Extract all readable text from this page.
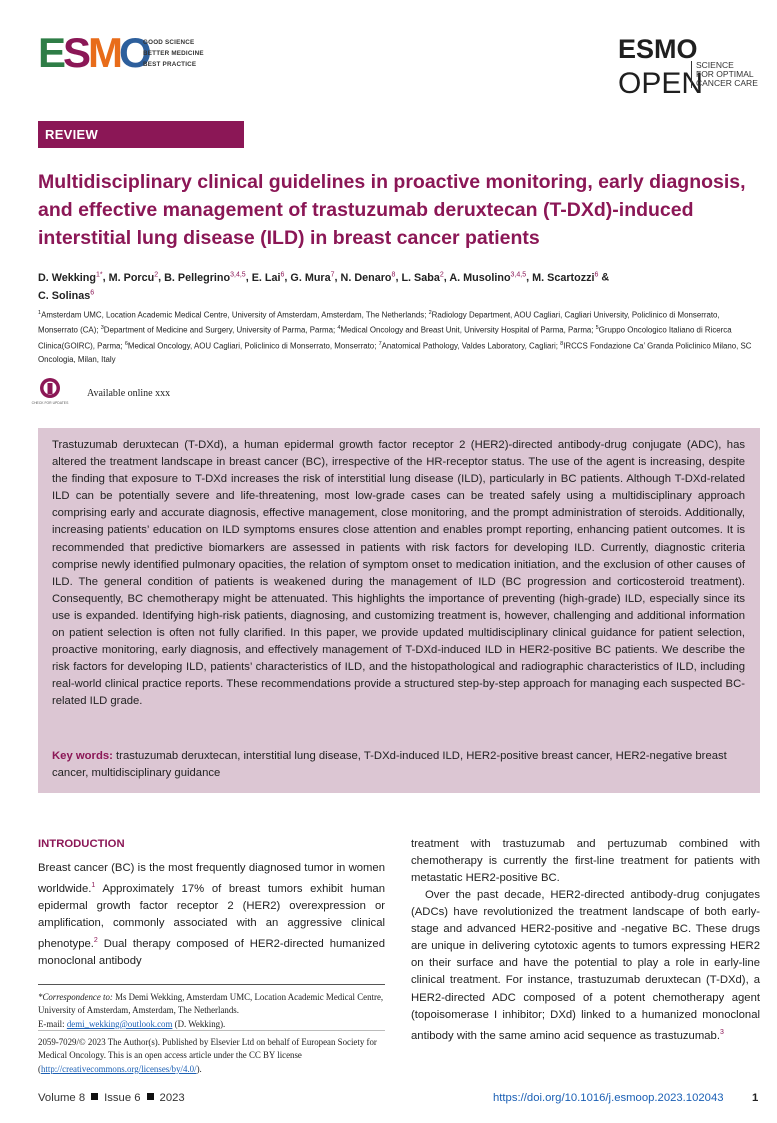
E
S
M
O
GOOD SCIENCE
BETTER MEDICINE
BEST PRACTICE
ESMO
OPEN
SCIENCE
FOR OPTIMAL
CANCER CARE
REVIEW
Multidisciplinary clinical guidelines in proactive monitoring, early diagnosis, and effective management of trastuzumab deruxtecan (T-DXd)-induced interstitial lung disease (ILD) in breast cancer patients
D. Wekking$^{1*}$, M. Porcu$^2$, B. Pellegrino$^{3,4,5}$, E. Lai$^6$, G. Mura$^7$, N. Denaro$^8$, L. Saba$^2$, A. Musolino$^{3,4,5}$, M. Scartozzi$^6$ &
C. Solinas$^6$
$^1$Amsterdam UMC, Location Academic Medical Centre, University of Amsterdam, Amsterdam, The Netherlands; $^2$Radiology Department, AOU Cagliari, Cagliari University, Policlinico di Monserrato, Monserrato (CA); $^3$Department of Medicine and Surgery, University of Parma, Parma; $^4$Medical Oncology and Breast Unit, University Hospital of Parma, Parma; $^5$Gruppo Oncologico Italiano di Ricerca Clinica(GOIRC), Parma; $^6$Medical Oncology, AOU Cagliari, Policlinico di Monserrato, Monserrato; $^7$Anatomical Pathology, Valdes Laboratory, Cagliari; $^8$IRCCS Fondazione Ca’ Granda Policlinico Milano, SC Oncologia, Milan, Italy
CHECK FOR UPDATES
Available online xxx
Trastuzumab deruxtecan (T-DXd), a human epidermal growth factor receptor 2 (HER2)-directed antibody-drug conjugate (ADC), has altered the treatment landscape in breast cancer (BC), irrespective of the HR-receptor status. The use of the agent is increasing, despite the finding that exposure to T-DXd increases the risk of interstitial lung disease (ILD), particularly in BC patients. Although T-DXd-related ILD can be potentially severe and life-threatening, most low-grade cases can be treated safely using a multidisciplinary approach comprising early and accurate diagnosis, effective management, close monitoring, and the prompt administration of steroids. Additionally, increasing patients’ education on ILD symptoms ensures close attention and enables prompt reporting, enhancing patient outcomes. It is recommended that predictive biomarkers are assessed in patients with risk factors for developing ILD. Currently, diagnostic criteria comprise newly identified pulmonary opacities, the relation of symptom onset to medication initiation, and the exclusion of other causes of ILD. The general condition of patients is weakened during the management of ILD (BC progression and corticosteroid treatment). Consequently, BC chemotherapy might be attenuated. This highlights the importance of preventing (high-grade) ILD, especially since its use is expanded. Identifying high-risk patients, diagnosing, and customizing treatment is, however, challenging and additional information on patient selection is often not fully clarified. In this paper, we provide updated multidisciplinary clinical guidance for patient selection, proactive monitoring, early diagnosis, and effectively management of T-DXd-induced ILD in HER2-positive BC patients. We describe the risk factors for developing ILD, patients’ characteristics of ILD, and the histopathological and radiographic characteristics of ILD, including real-world clinical practice reports. These recommendations provide a structured step-by-step approach for managing each suspected BC-related ILD grade.
Key words: trastuzumab deruxtecan, interstitial lung disease, T-DXd-induced ILD, HER2-positive breast cancer, HER2-negative breast cancer, multidisciplinary guidance
INTRODUCTION
Breast cancer (BC) is the most frequently diagnosed tumor in women worldwide.$^1$ Approximately 17% of breast tumors exhibit human epidermal growth factor receptor 2 (HER2) overexpression or amplification, commonly associated with an aggressive clinical phenotype.$^2$ Dual therapy composed of HER2-directed humanized monoclonal antibody
treatment with trastuzumab and pertuzumab combined with chemotherapy is currently the first-line treatment for patients with metastatic HER2-positive BC.
Over the past decade, HER2-directed antibody-drug conjugates (ADCs) have revolutionized the treatment landscape of both early-stage and advanced HER2-positive and -negative BC. These drugs are unique in delivering cytotoxic agents to tumors expressing HER2 on their surface and have the potential to play a role in early-line clinical treatment. For instance, trastuzumab deruxtecan (T-DXd), a HER2-directed ADC composed of a potent chemotherapy agent (topoisomerase I inhibitor; DXd) linked to a humanized monoclonal antibody with the same amino acid sequence as trastuzumab.$^3$
*Correspondence to: Ms Demi Wekking, Amsterdam UMC, Location Academic Medical Centre, University of Amsterdam, Amsterdam, The Netherlands.
E-mail: demi_wekking@outlook.com (D. Wekking).
2059-7029/© 2023 The Author(s). Published by Elsevier Ltd on behalf of European Society for Medical Oncology. This is an open access article under the CC BY license (http://creativecommons.org/licenses/by/4.0/).
Volume 8 Issue 6 2023	https://doi.org/10.1016/j.esmoop.2023.102043	1
